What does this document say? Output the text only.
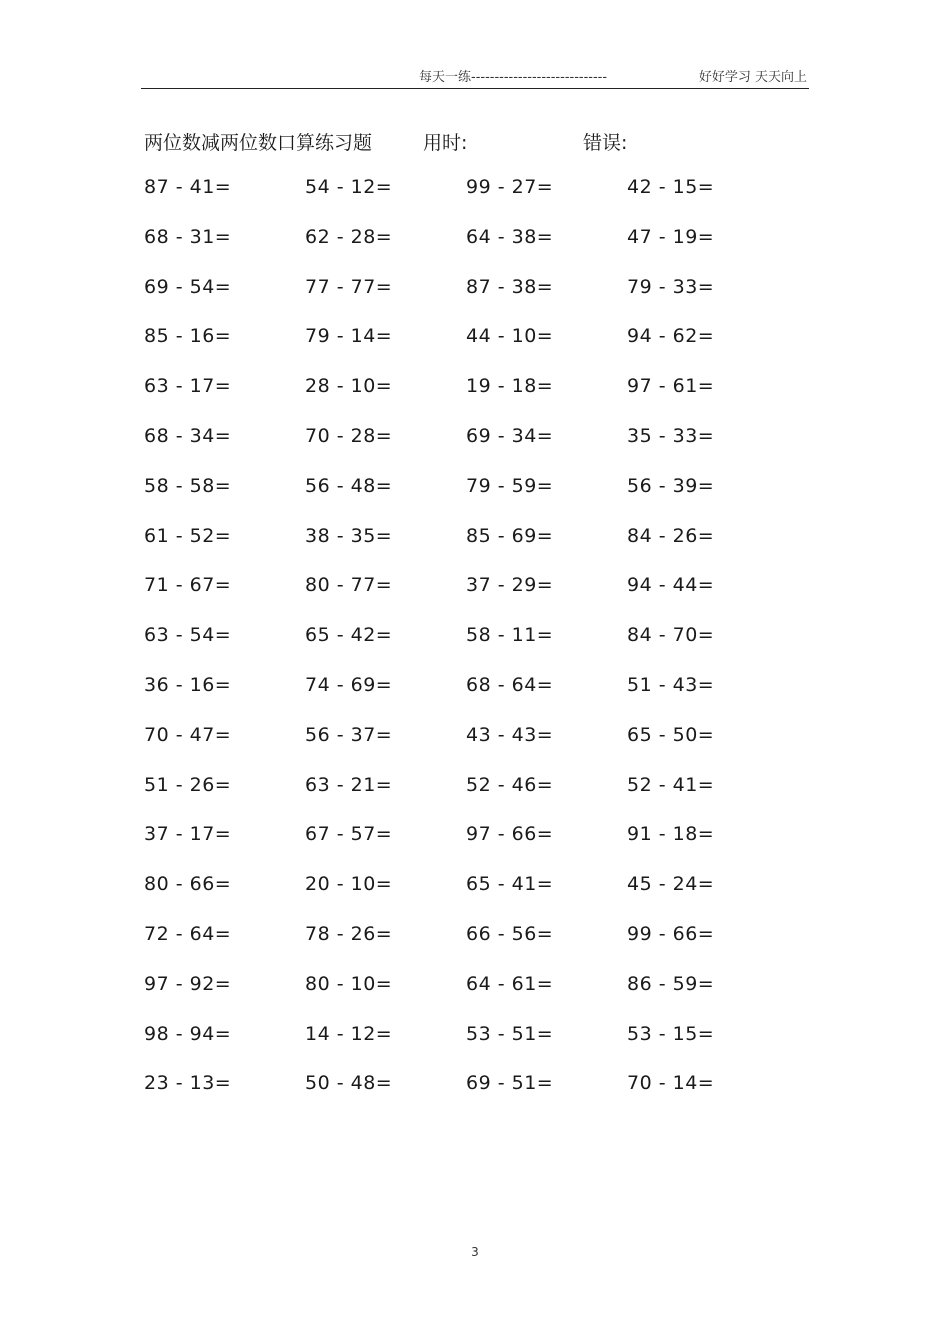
每天一练-----------------------------	好好学习 天天向上
两位数减两位数口算练习题	用时:	错误:
87 - 41=	54 - 12=	99 - 27=	42 - 15=
68 - 31=	62 - 28=	64 - 38=	47 - 19=
69 - 54=	77 - 77=	87 - 38=	79 - 33=
85 - 16=	79 - 14=	44 - 10=	94 - 62=
63 - 17=	28 - 10=	19 - 18=	97 - 61=
68 - 34=	70 - 28=	69 - 34=	35 - 33=
58 - 58=	56 - 48=	79 - 59=	56 - 39=
61 - 52=	38 - 35=	85 - 69=	84 - 26=
71 - 67=	80 - 77=	37 - 29=	94 - 44=
63 - 54=	65 - 42=	58 - 11=	84 - 70=
36 - 16=	74 - 69=	68 - 64=	51 - 43=
70 - 47=	56 - 37=	43 - 43=	65 - 50=
51 - 26=	63 - 21=	52 - 46=	52 - 41=
37 - 17=	67 - 57=	97 - 66=	91 - 18=
80 - 66=	20 - 10=	65 - 41=	45 - 24=
72 - 64=	78 - 26=	66 - 56=	99 - 66=
97 - 92=	80 - 10=	64 - 61=	86 - 59=
98 - 94=	14 - 12=	53 - 51=	53 - 15=
23 - 13=	50 - 48=	69 - 51=	70 - 14=
3
